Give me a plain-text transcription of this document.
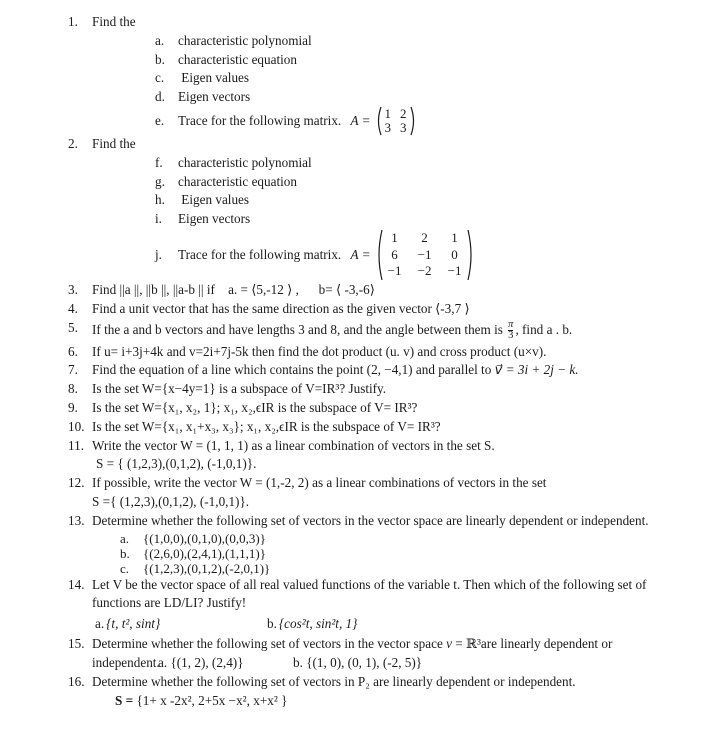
1.	Find the
a.	characteristic polynomial
b. characteristic equation
c.	Eigen values
d. Eigen vectors
e.	Trace for the following matrix. A = 1 2
3 3
2.	Find the
f.	characteristic polynomial
g. characteristic equation
h. Eigen values
i.	Eigen vectors
j.	Trace for the following matrix. A =
1	2	1
6	−1	0
−1 −2 −1
3.	Find ||a ||, ||b ||, ||a-b || if    a. = ⟨5,-12 ⟩ ,      b= ⟨ -3,-6⟩
4.	Find a unit vector that has the same direction as the given vector ⟨-3,7 ⟩
5.	If the a and b vectors and have lengths 3 and 8, and the angle between them is $\frac{\pi}{3}$ , find a . b.
6.	If u= i+3j+4k and v=2i+7j-5k then find the dot product (u. v) and cross product (u×v).
7.	Find the equation of a line which contains the point (2, −4,1) and parallel to v⃗ = 3i + 2j − k.
8.	Is the set W={x−4y=1} is a subspace of V=IR³? Justify.
9.	Is the set W={x₁, x₂, 1}; x₁, x₂,ϵIR is the subspace of V= IR³?
10. Is the set W={x₁, x₁+x₃, x₃}; x₁, x₂,ϵIR is the subspace of V= IR³?
11. Write the vector W = (1, 1, 1) as a linear combination of vectors in the set S.
S = { (1,2,3),(0,1,2), (-1,0,1)}.
12. If possible, write the vector W = (1,-2, 2) as a linear combinations of vectors in the set
S ={ (1,2,3),(0,1,2), (-1,0,1)}.
13. Determine whether the following set of vectors in the vector space are linearly dependent or independent.
a.	{(1,0,0),(0,1,0),(0,0,3)}
b.	{(2,6,0),(2,4,1),(1,1,1)}
c.	{(1,2,3),(0,1,2),(-2,0,1)}
14. Let V be the vector space of all real valued functions of the variable t. Then which of the following set of
functions are LD/LI? Justify!
a. {t, t², sint}	b. {cos²t, sin²t, 1}
15. Determine whether the following set of vectors in the vector space v = ℝ³are linearly dependent or
independent.
a. {(1, 2), (2,4)}	b. {(1, 0), (0, 1), (-2, 5)}
16. Determine whether the following set of vectors in P₂ are linearly dependent or independent.
S = {1+ x -2x², 2+5x −x², x+x² }
